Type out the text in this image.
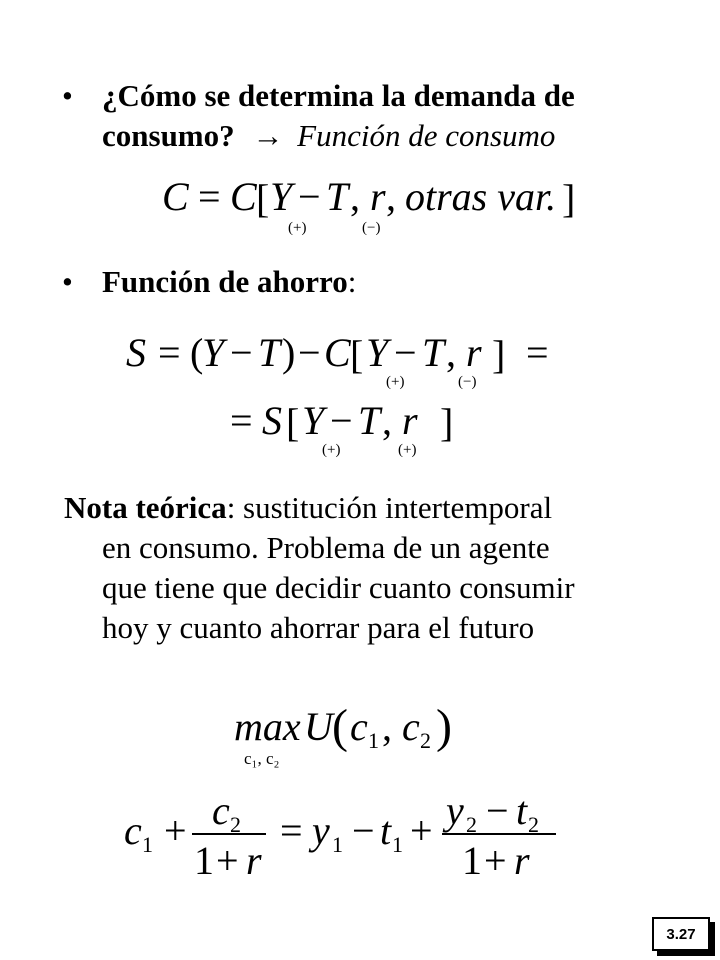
• ¿Cómo se determina la demanda de
consumo? → Función de consumo
C = C [ Y − T , r , otras var. ]
(+)	(−)
• Función de ahorro:
S = (
Y − T ) − C [ Y − T , r ] =
(+)	(−)
= S [ Y − T , r ]
(+)	(+)
Nota teórica: sustitución intertemporal
en consumo. Problema de un agente
que tiene que decidir cuanto consumir
hoy y cuanto ahorrar para el futuro
max U ( c 1 , c 2 )
c₁, c₂
c 1 + c 2
1 + r
= y 1 − t 1 + y 2 − t 2
1 + r
3.27
